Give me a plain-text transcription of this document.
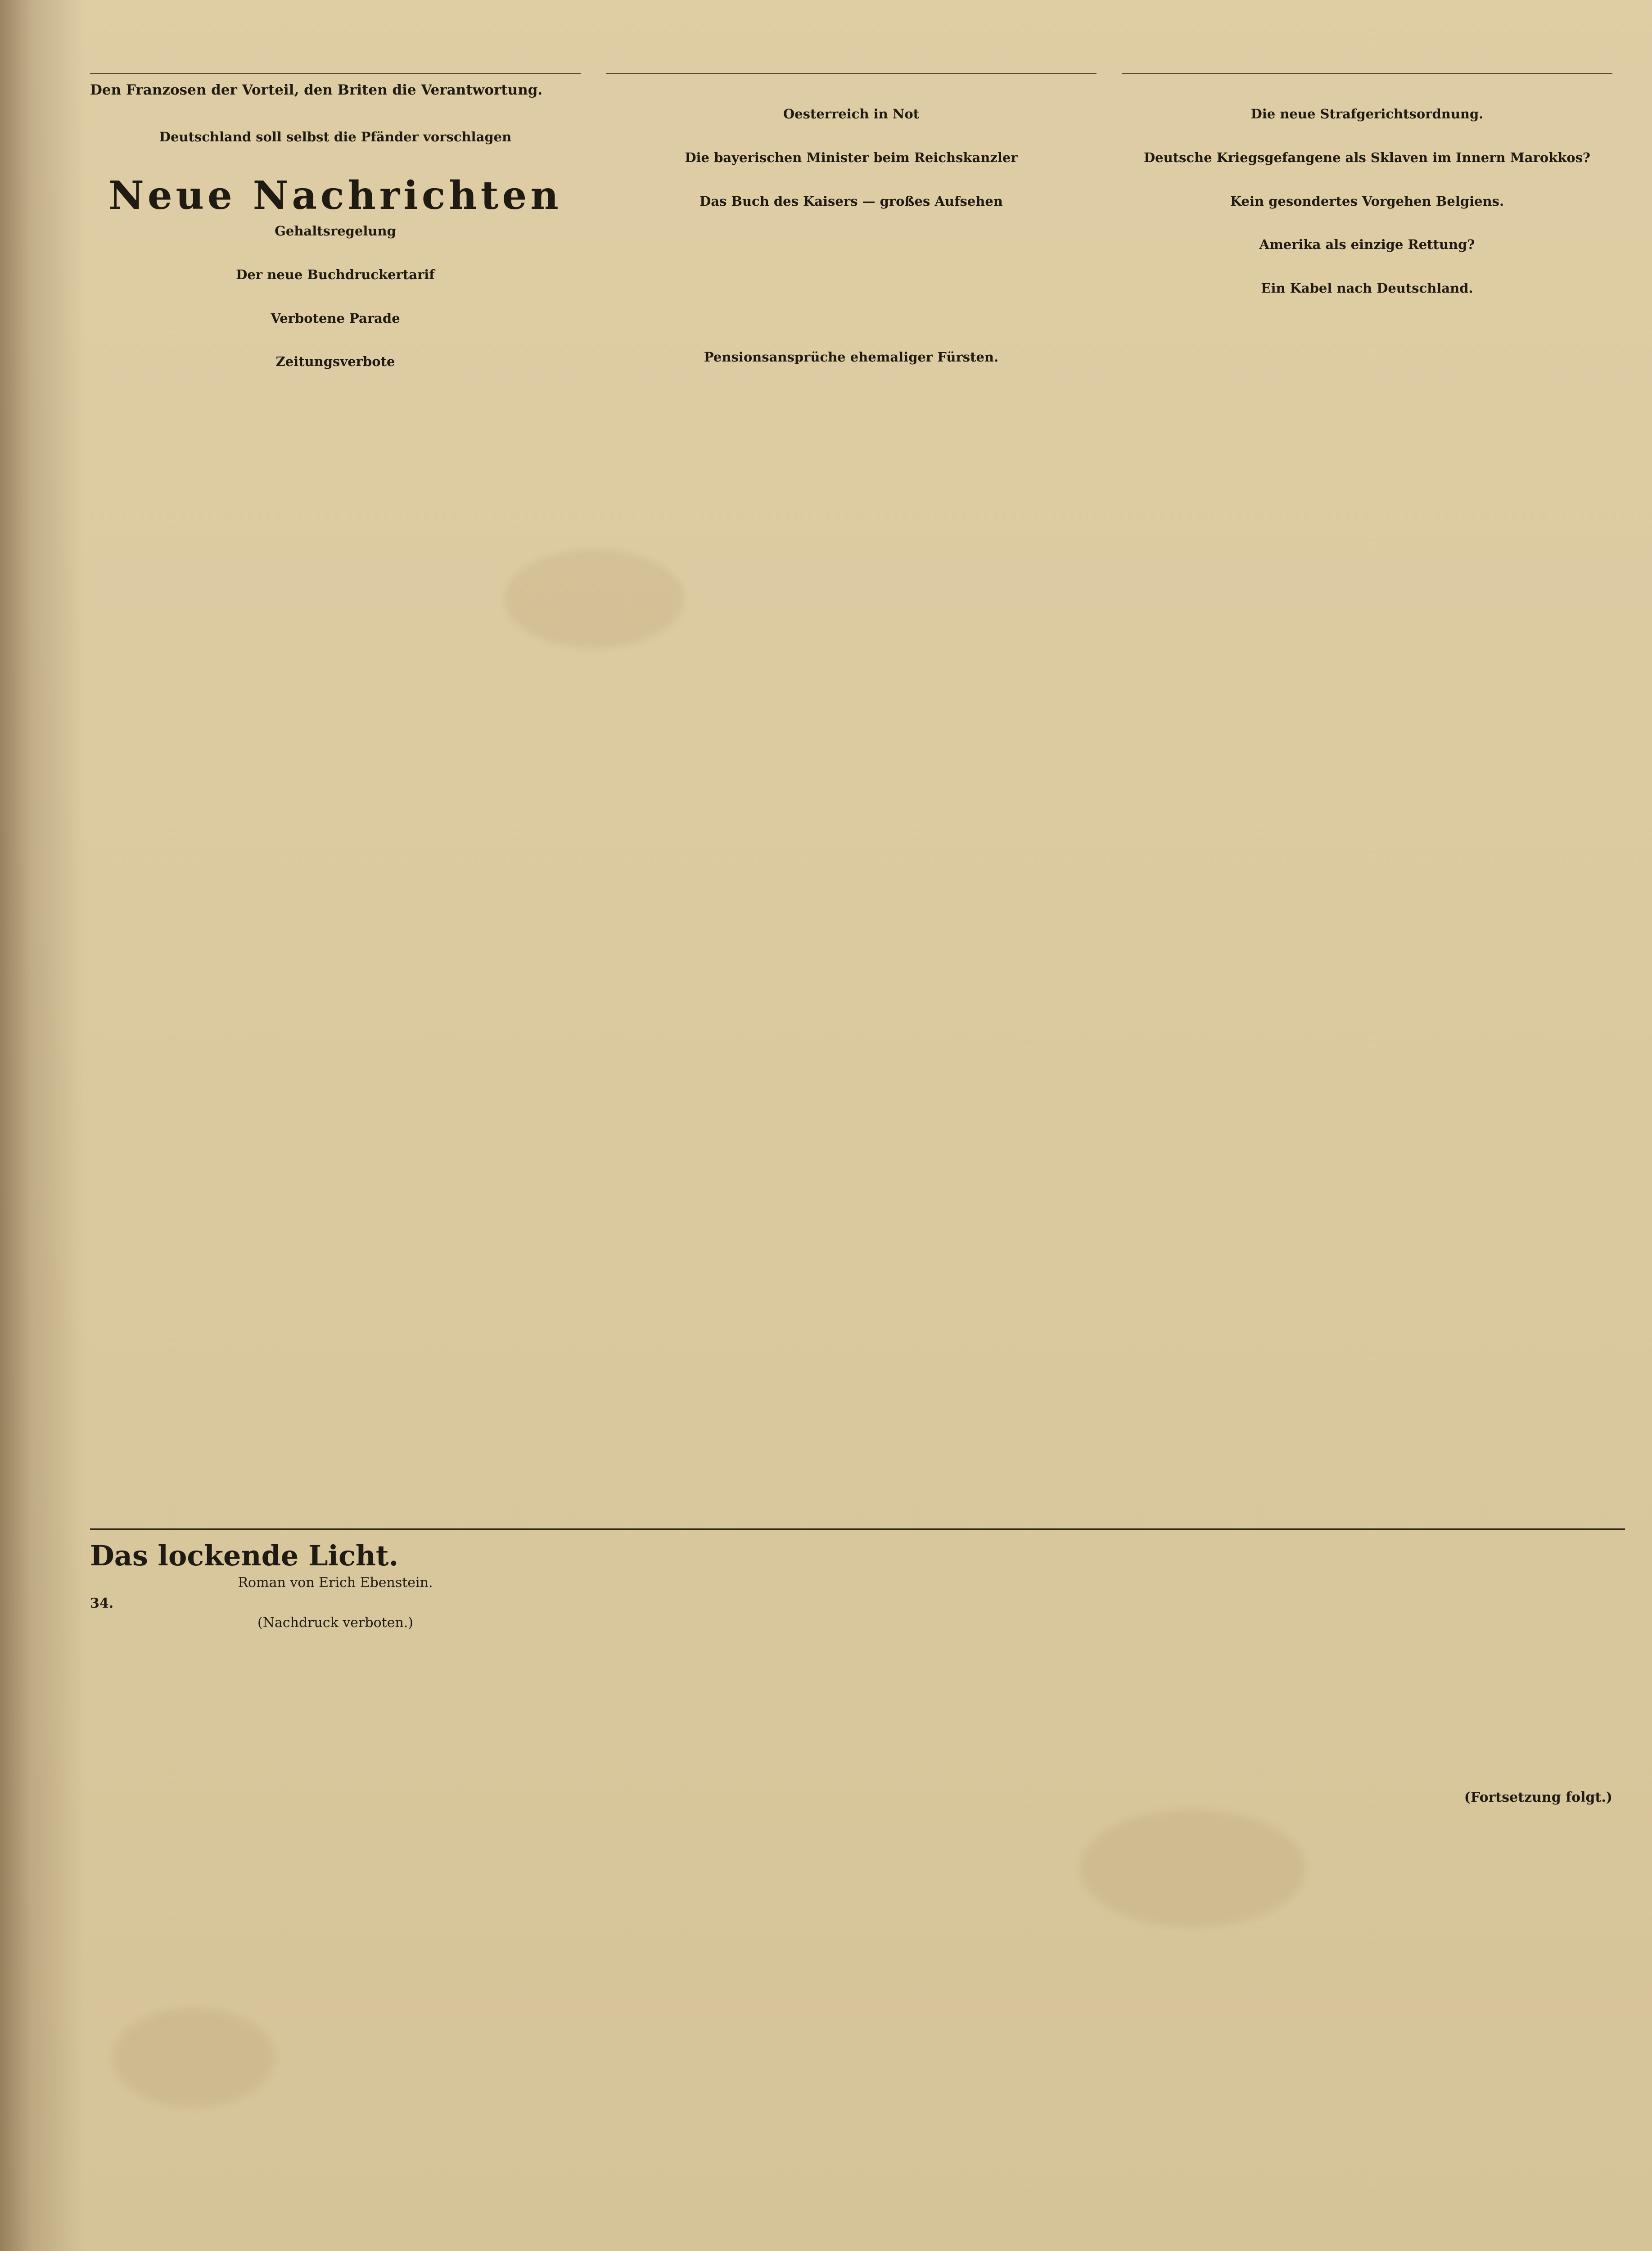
Den Franzosen der Vorteil, den Briten die Verantwortung.
Deutschland soll selbst die Pfänder vorschlagen
Neue Nachrichten
Gehaltsregelung
Der neue Buchdruckertarif
Verbotene Parade
Zeitungsverbote
Oesterreich in Not
Die bayerischen Minister beim Reichskanzler
Das Buch des Kaisers — großes Aufsehen
Pensionsansprüche ehemaliger Fürsten.
Die neue Strafgerichtsordnung.
Deutsche Kriegsgefangene als Sklaven im Innern Marokkos?
Kein gesondertes Vorgehen Belgiens.
Amerika als einzige Rettung?
Ein Kabel nach Deutschland.
Das lockende Licht.
Roman von Erich Ebenstein.
34.
(Nachdruck verboten.)
(Fortsetzung folgt.)
